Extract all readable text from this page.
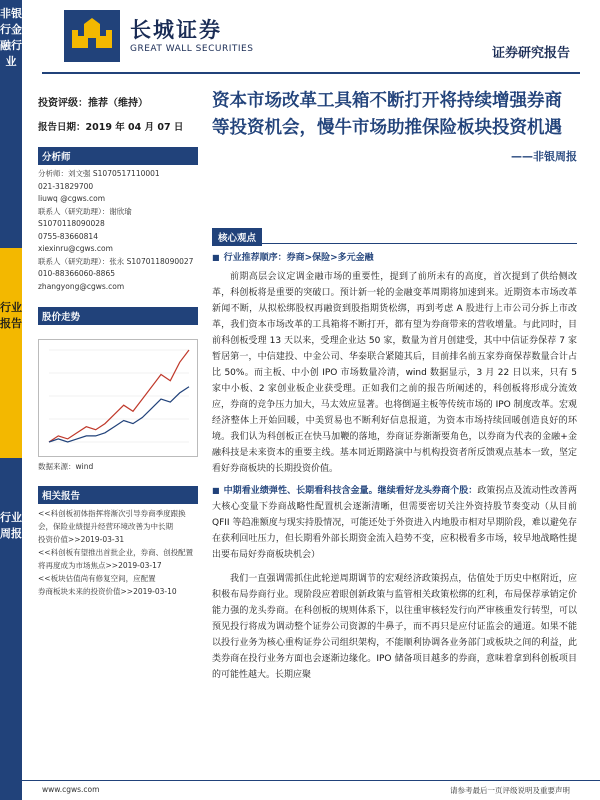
非银行金融行业
行业报告
行业周报
长城证券
GREAT WALL SECURITIES	证券研究报告
投资评级：推荐（维持）
报告日期：2019 年 04 月 07 日
分析师
分析师：刘文强 S1070517110001
021-31829700
liuwq @cgws.com
联系人（研究助理）：谢欣瑜
S1070118090028
0755-83660814
xiexinru@cgws.com
联系人（研究助理）：张永 S1070118090027
010-88366060-8865
zhangyong@cgws.com
股价走势
数据来源：wind
相关报告
<<科创板初体指挥将渐次引导券商季度跟换
会，保险业绩提升经营环境改善为中长期
投资价值>>2019-03-31
<<科创板有望推出首批企业，券商、创投配置
将再度成为市场焦点>>2019-03-17
<<板块估值尚有修复空间，应配置
券商板块未来的投资价值>>2019-03-10
资本市场改革工具箱不断打开将持续增强券商等投资机会，慢牛市场助推保险板块投资机遇
——非银周报
核心观点
■ 行业推荐顺序：券商>保险>多元金融
前期高层会议定调金融市场的重要性，提到了前所未有的高度，首次提到了供给侧改革，科创板将是重要的突破口。预计新一轮的金融变革周期将加速到来。近期资本市场改革新闻不断，从拟松绑股权再融资到股指期货松绑，再到考虑 A 股进行上市公司分拆上市改革，我们资本市场改革的工具箱将不断打开，都有望为券商带来的营收增量。与此同时，目前科创板受理 13 天以来，受理企业达 50 家，数量为首月创建受，其中中信证券保荐 7 家暂居第一，中信建投、中金公司、华泰联合紧随其后，目前排名前五家券商保荐数量合计占比 50%。而主板、中小创 IPO 市场数量冷清，wind 数据显示，3 月 22 日以来，只有 5 家中小板、2 家创业板企业获受理。正如我们之前的报告所阐述的，科创板将形成分流效应，券商的竞争压力加大，马太效应显著。也将倒逼主板等传统市场的 IPO 制度改革。宏观经济整体上开始回暖，中美贸易也不断利好信息报道，为资本市场持续回暖创造良好的环境。我们认为科创板正在快马加鞭的落地，券商证券渐渐要角色，以券商为代表的金融+金融科技是未来资本的重要主线。基本同近期路演中与机构投资者所反馈观点基本一致，坚定看好券商板块的长期投资价值。
■ 中期看业绩弹性、长期看科技含金量。继续看好龙头券商个股：政策拐点及流动性改善两大核心变量下券商战略性配置机会逐渐清晰，但需要密切关注外资持股节奏变动（从目前 QFII 等趋准额度与现实持股情况，可能还处于外资进入内地股市相对早期阶段，难以避免存在获利回吐压力，但长期看外部长期资金流入趋势不变，应积极看多市场，较早地战略性提出要布局好券商板块机会）
我们一直强调需抓住此轮逆周期调节的宏观经济政策拐点，估值处于历史中枢附近，应积极布局券商行业。现阶段应着眼创新政策与监管相关政策松绑的红利，布局保荐承销定价能力强的龙头券商。在科创板的规则体系下，以往重审核轻发行向严审核重发行转型，可以预见投行将成为调动整个证券公司资源的牛鼻子，而不再只是应付证监会的通道。如果不能以投行业务为核心重构证券公司组织架构，不能顺利协调各业务部门或板块之间的利益，此类券商在投行业务方面也会逐渐边缘化。IPO 储备项目越多的券商，意味着拿到科创板项目的可能性越大。长期应聚
www.cgws.com	请参考最后一页评级说明及重要声明
